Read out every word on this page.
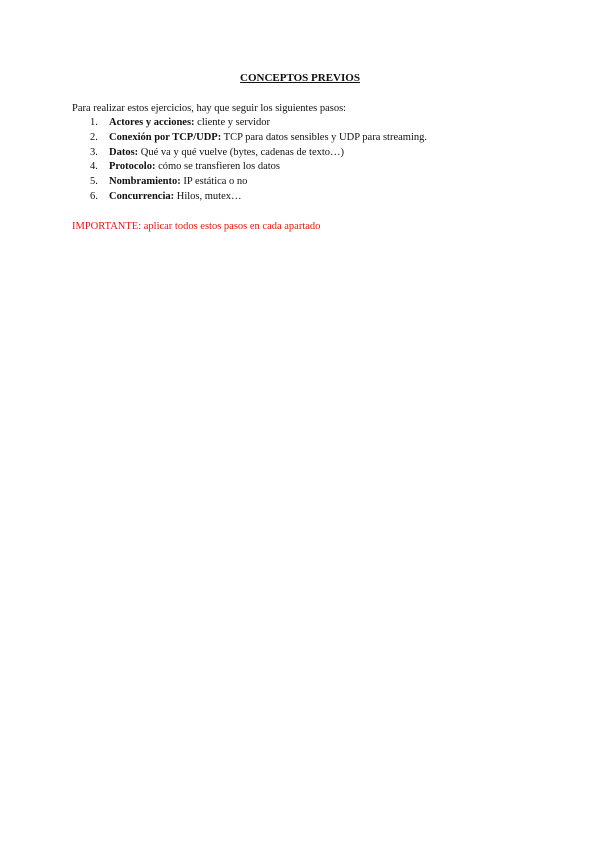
CONCEPTOS PREVIOS
Para realizar estos ejercicios, hay que seguir los siguientes pasos:
1.	Actores y acciones: cliente y servidor
2.	Conexión por TCP/UDP: TCP para datos sensibles y UDP para streaming.
3.	Datos: Qué va y qué vuelve (bytes, cadenas de texto…)
4.	Protocolo: cómo se transfieren los datos
5.	Nombramiento: IP estática o no
6.	Concurrencia: Hilos, mutex…
IMPORTANTE: aplicar todos estos pasos en cada apartado
